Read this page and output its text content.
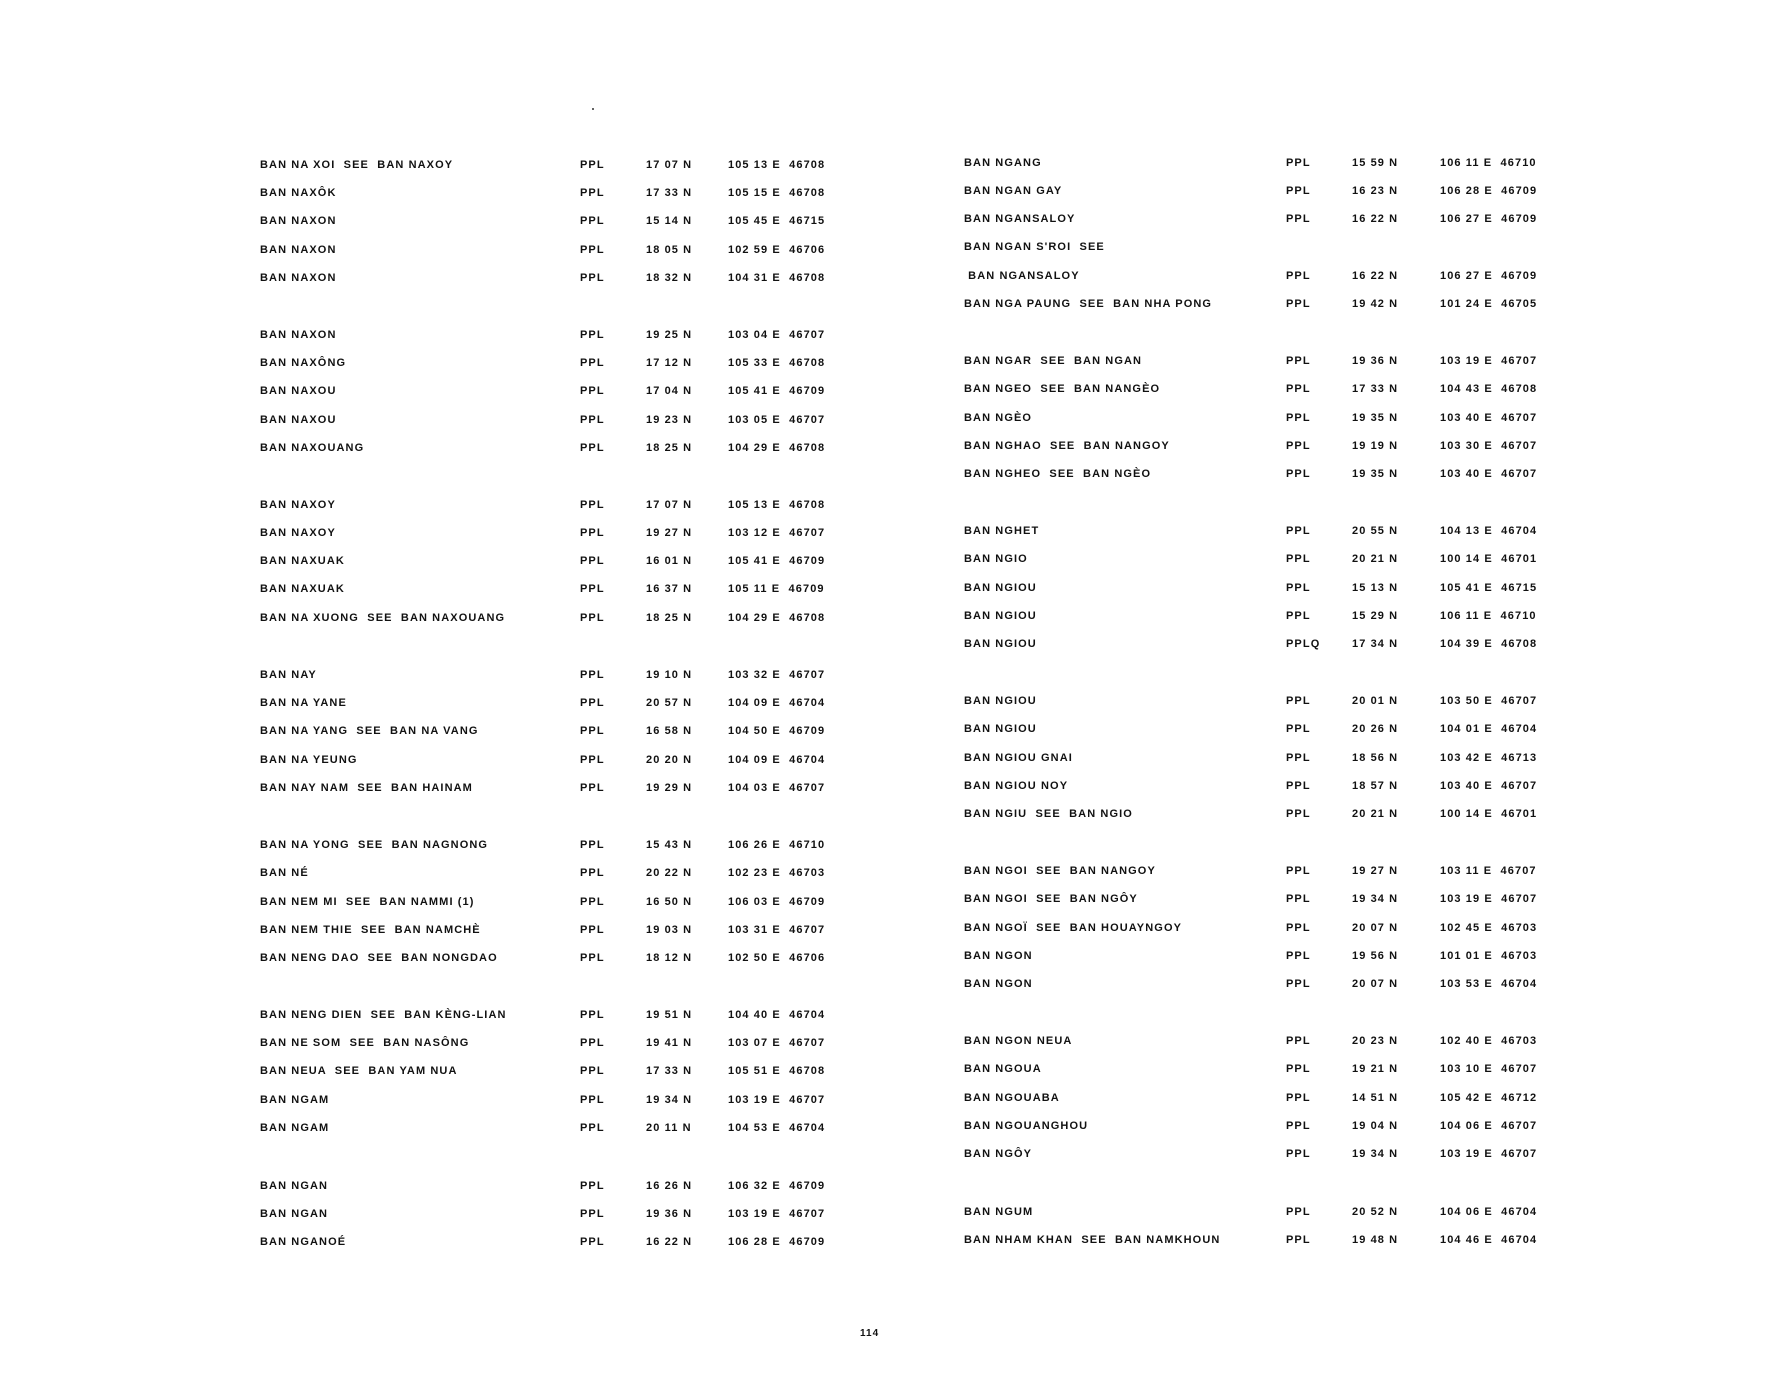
BAN NA XOI  SEE  BAN NAXOY	PPL	17 07 N	105 13 E  46708
BAN NAXÔK	PPL	17 33 N	105 15 E  46708
BAN NAXON	PPL	15 14 N	105 45 E  46715
BAN NAXON	PPL	18 05 N	102 59 E  46706
BAN NAXON	PPL	18 32 N	104 31 E  46708
BAN NAXON	PPL	19 25 N	103 04 E  46707
BAN NAXÔNG	PPL	17 12 N	105 33 E  46708
BAN NAXOU	PPL	17 04 N	105 41 E  46709
BAN NAXOU	PPL	19 23 N	103 05 E  46707
BAN NAXOUANG	PPL	18 25 N	104 29 E  46708
BAN NAXOY	PPL	17 07 N	105 13 E  46708
BAN NAXOY	PPL	19 27 N	103 12 E  46707
BAN NAXUAK	PPL	16 01 N	105 41 E  46709
BAN NAXUAK	PPL	16 37 N	105 11 E  46709
BAN NA XUONG  SEE  BAN NAXOUANG	PPL	18 25 N	104 29 E  46708
BAN NAY	PPL	19 10 N	103 32 E  46707
BAN NA YANE	PPL	20 57 N	104 09 E  46704
BAN NA YANG  SEE  BAN NA VANG	PPL	16 58 N	104 50 E  46709
BAN NA YEUNG	PPL	20 20 N	104 09 E  46704
BAN NAY NAM  SEE  BAN HAINAM	PPL	19 29 N	104 03 E  46707
BAN NA YONG  SEE  BAN NAGNONG	PPL	15 43 N	106 26 E  46710
BAN NÉ	PPL	20 22 N	102 23 E  46703
BAN NEM MI  SEE  BAN NAMMI (1)	PPL	16 50 N	106 03 E  46709
BAN NEM THIE  SEE  BAN NAMCHÈ	PPL	19 03 N	103 31 E  46707
BAN NENG DAO  SEE  BAN NONGDAO	PPL	18 12 N	102 50 E  46706
BAN NENG DIEN  SEE  BAN KÈNG-LIAN	PPL	19 51 N	104 40 E  46704
BAN NE SOM  SEE  BAN NASÔNG	PPL	19 41 N	103 07 E  46707
BAN NEUA  SEE  BAN YAM NUA	PPL	17 33 N	105 51 E  46708
BAN NGAM	PPL	19 34 N	103 19 E  46707
BAN NGAM	PPL	20 11 N	104 53 E  46704
BAN NGAN	PPL	16 26 N	106 32 E  46709
BAN NGAN	PPL	19 36 N	103 19 E  46707
BAN NGANOÉ	PPL	16 22 N	106 28 E  46709
BAN NGANG	PPL	15 59 N	106 11 E  46710
BAN NGAN GAY	PPL	16 23 N	106 28 E  46709
BAN NGANSALOY	PPL	16 22 N	106 27 E  46709
BAN NGAN S'ROI  SEE
BAN NGANSALOY	PPL	16 22 N	106 27 E  46709
BAN NGA PAUNG  SEE  BAN NHA PONG	PPL	19 42 N	101 24 E  46705
BAN NGAR  SEE  BAN NGAN	PPL	19 36 N	103 19 E  46707
BAN NGEO  SEE  BAN NANGÈO	PPL	17 33 N	104 43 E  46708
BAN NGÈO	PPL	19 35 N	103 40 E  46707
BAN NGHAO  SEE  BAN NANGOY	PPL	19 19 N	103 30 E  46707
BAN NGHEO  SEE  BAN NGÈO	PPL	19 35 N	103 40 E  46707
BAN NGHET	PPL	20 55 N	104 13 E  46704
BAN NGIO	PPL	20 21 N	100 14 E  46701
BAN NGIOU	PPL	15 13 N	105 41 E  46715
BAN NGIOU	PPL	15 29 N	106 11 E  46710
BAN NGIOU	PPLQ	17 34 N	104 39 E  46708
BAN NGIOU	PPL	20 01 N	103 50 E  46707
BAN NGIOU	PPL	20 26 N	104 01 E  46704
BAN NGIOU GNAI	PPL	18 56 N	103 42 E  46713
BAN NGIOU NOY	PPL	18 57 N	103 40 E  46707
BAN NGIU  SEE  BAN NGIO	PPL	20 21 N	100 14 E  46701
BAN NGOI  SEE  BAN NANGOY	PPL	19 27 N	103 11 E  46707
BAN NGOI  SEE  BAN NGÔY	PPL	19 34 N	103 19 E  46707
BAN NGOÏ  SEE  BAN HOUAYNGOY	PPL	20 07 N	102 45 E  46703
BAN NGON	PPL	19 56 N	101 01 E  46703
BAN NGON	PPL	20 07 N	103 53 E  46704
BAN NGON NEUA	PPL	20 23 N	102 40 E  46703
BAN NGOUA	PPL	19 21 N	103 10 E  46707
BAN NGOUABA	PPL	14 51 N	105 42 E  46712
BAN NGOUANGHOU	PPL	19 04 N	104 06 E  46707
BAN NGÔY	PPL	19 34 N	103 19 E  46707
BAN NGUM	PPL	20 52 N	104 06 E  46704
BAN NHAM KHAN  SEE  BAN NAMKHOUN	PPL	19 48 N	104 46 E  46704
114
